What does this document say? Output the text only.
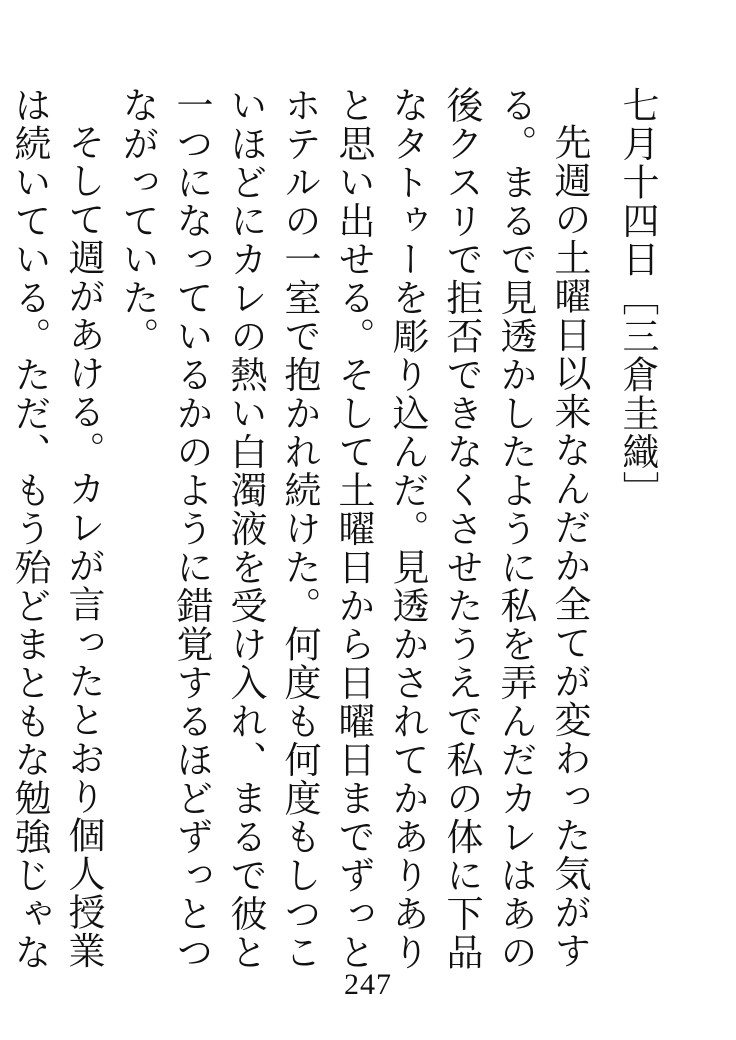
七月十四日［三倉圭織］

先週の土曜日以来なんだか全てが変わった気がする。まるで見透かしたように私を弄んだカレはあの後クスリで拒否できなくさせたうえで私の体に下品なタトゥーを彫り込んだ。見透かされてかありありと思い出せる。そして土曜日から日曜日までずっとホテルの一室で抱かれ続けた。何度も何度もしつこいほどにカレの熱い白濁液を受け入れ、まるで彼と一つになっているかのように錯覚するほどずっとつながっていた。

そして週があける。カレが言ったとおり個人授業は続いている。ただ、もう殆どまともな勉強じゃな

247
